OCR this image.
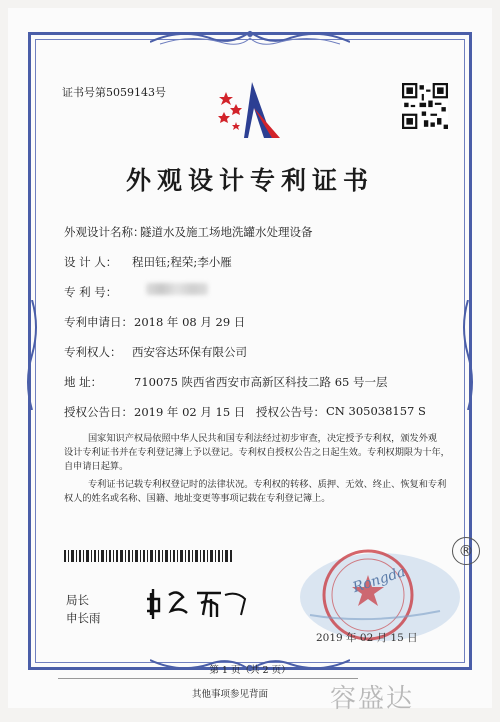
证书号第5059143号
外观设计专利证书
外观设计名称：
隧道水及施工场地洗罐水处理设备
设 计 人： 程田钰;程荣;李小雁
专 利 号：
专利申请日： 2018 年 08 月 29 日
专利权人： 西安容达环保有限公司
地 址：	710075 陕西省西安市高新区科技二路 65 号一层
授权公告日： 2019 年 02 月 15 日 授权公告号： CN 305038157 S
国家知识产权局依照中华人民共和国专利法经过初步审查，决定授予专利权，颁发外观
设计专利证书并在专利登记簿上予以登记。专利权自授权公告之日起生效。专利权期限为十年，
自申请日起算。
专利证书记载专利权登记时的法律状况。专利权的转移、质押、无效、终止、恢复和专利
权人的姓名或名称、国籍、地址变更等事项记载在专利登记簿上。
局长
申长雨
Rongda
2019 年 02 月 15 日
®
第 1 页（共 2 页）
其他事项参见背面 容盛达
